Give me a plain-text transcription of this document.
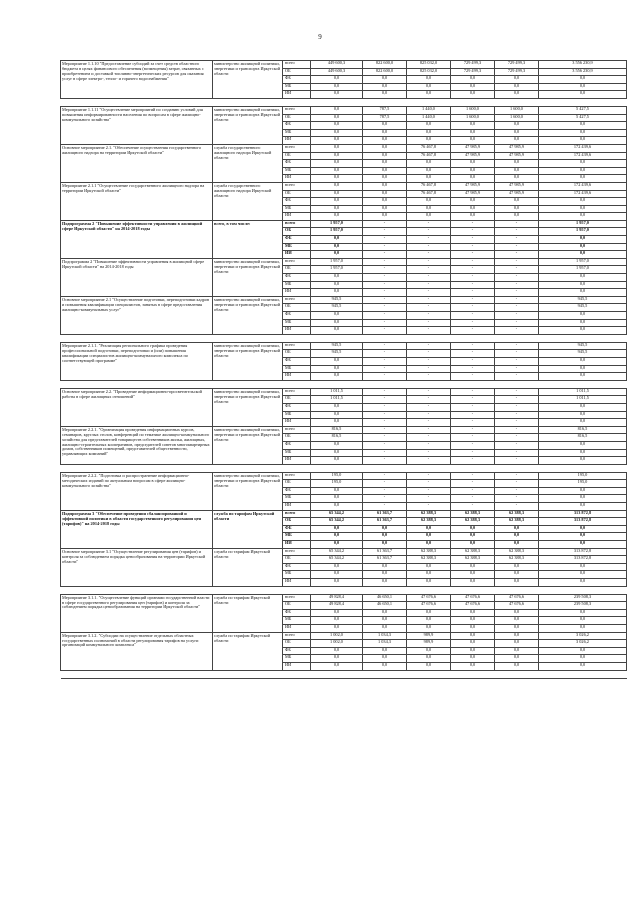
9
Мероприятие 1.1.10 "Предоставление субсидий за счет средств областного бюджета в целях финансового обеспечения (возмещения) затрат, связанных с приобретением и доставкой топливно-энергетических ресурсов для оказания услуг в сфере электро-, тепло- и горячего водоснабжения"	министерство жилищной политики, энергетики и транспорта Иркутской области	всего	449 600,3	822 600,0	825 032,0	729 499,3	729 499,3	3 556 230,9
		ОБ	449 600,3	822 600,0	825 032,0	729 499,3	729 499,3	3 556 230,9
		ФБ	0,0	0,0	0,0	0,0	0,0	0,0
		МБ	0,0	0,0	0,0	0,0	0,0	0,0
		ИИ	0,0	0,0	0,0	0,0	0,0	0,0

Мероприятие 1.1.11 "Осуществление мероприятий по созданию условий для повышения информированности населения по вопросам в сфере жилищно-коммунального хозяйства"	министерство жилищной политики, энергетики и транспорта Иркутской области	всего	0,0	787,5	1 440,0	1 600,0	1 600,0	5 427,5
		ОБ	0,0	787,5	1 440,0	1 600,0	1 600,0	5 427,5
		ФБ	0,0	0,0	0,0	0,0	0,0	0,0
		МБ	0,0	0,0	0,0	0,0	0,0	0,0
		ИИ	0,0	0,0	0,0	0,0	0,0	0,0
Основное мероприятие 2.1. "Обеспечение осуществления государственного жилищного надзора на территории Иркутской области"	служба государственного жилищного надзора Иркутской области	всего	0,0	0,0	76 467,8	47 985,9	47 985,9	172 439,6
		ОБ	0,0	0,0	76 467,8	47 985,9	47 985,9	172 439,6
		ФБ	0,0	0,0	0,0	0,0	0,0	0,0
		МБ	0,0	0,0	0,0	0,0	0,0	0,0
		ИИ	0,0	0,0	0,0	0,0	0,0	0,0
Мероприятие 2.1.1 "Осуществление государственного жилищного надзора на территории Иркутской области"	служба государственного жилищного надзора Иркутской области	всего	0,0	0,0	76 467,8	47 985,9	47 985,9	172 439,6
		ОБ	0,0	0,0	76 467,8	47 985,9	47 985,9	172 439,6
		ФБ	0,0	0,0	0,0	0,0	0,0	0,0
		МБ	0,0	0,0	0,0	0,0	0,0	0,0
		ИИ	0,0	0,0	0,0	0,0	0,0	0,0
Подпрограмма 2 "Повышение эффективности управления в жилищной сфере Иркутской области" на 2014-2018 годы	всего, в том числе:	всего	1 957,0	-	-	-	-	1 957,0
		ОБ	1 957,0	-	-	-	-	1 957,0
		ФБ	0,0	-	-	-	-	0,0
		МБ	0,0	-	-	-	-	0,0
		ИИ	0,0	-	-	-	-	0,0
Подпрограмма 2 "Повышение эффективности управления в жилищной сфере Иркутской области" на 2014-2018 годы	министерство жилищной политики, энергетики и транспорта Иркутской области	всего	1 957,0	-	-	-	-	1 957,0
		ОБ	1 957,0	-	-	-	-	1 957,0
		ФБ	0,0	-	-	-	-	0,0
		МБ	0,0	-	-	-	-	0,0
		ИИ	0,0	-	-	-	-	0,0
Основное мероприятие 2.1 "Осуществление подготовки, переподготовки кадров и повышения квалификации специалистов, занятых в сфере предоставления жилищно-коммунальных услуг"	министерство жилищной политики, энергетики и транспорта Иркутской области	всего	945,5	-	-	-	-	945,5
		ОБ	945,5	-	-	-	-	945,5
		ФБ	0,0	-	-	-	-	0,0
		МБ	0,0	-	-	-	-	0,0
		ИИ	0,0	-	-	-	-	0,0

Мероприятие 2.1.1. "Реализация регионального графика проведения профессиональной подготовки, переподготовки и (или) повышения квалификации специалистов жилищно-коммунального комплекса по соответствующей программе"	министерство жилищной политики, энергетики и транспорта Иркутской области	всего	945,5	-	-	-	-	945,5
		ОБ	945,5	-	-	-	-	945,5
		ФБ	0,0	-	-	-	-	0,0
		МБ	0,0	-	-	-	-	0,0
		ИИ	0,0	-	-	-	-	0,0

Основное мероприятие 2.2. "Проведение информационно-просветительской работы в сфере жилищных отношений"	министерство жилищной политики, энергетики и транспорта Иркутской области	всего	1 011,5	-	-	-	-	1 011,5
		ОБ	1 011,5	-	-	-	-	1 011,5
		ФБ	0,0	-	-	-	-	0,0
		МБ	0,0	-	-	-	-	0,0
		ИИ	0,0	-	-	-	-	0,0
Мероприятие 2.2.1. "Организация проведения информационных курсов, семинаров, круглых столов, конференций по тематике жилищно-коммунального хозяйства для представителей товариществ собственников жилья, жилищных, жилищно-строительных кооперативов, председателей советов многоквартирных домов, собственников помещений, представителей общественности, управляющих компаний"	министерство жилищной политики, энергетики и транспорта Иркутской области	всего	816,5	-	-	-	-	816,5
		ОБ	816,5	-	-	-	-	816,5
		ФБ	0,0	-	-	-	-	0,0
		МБ	0,0	-	-	-	-	0,0
		ИИ	0,0	-	-	-	-	0,0

Мероприятие 2.2.2. "Подготовка и распространение информационно-методических изданий по актуальным вопросам в сфере жилищно-коммунального хозяйства"	министерство жилищной политики, энергетики и транспорта Иркутской области	всего	195,0	-	-	-	-	195,0
		ОБ	195,0	-	-	-	-	195,0
		ФБ	0,0	-	-	-	-	0,0
		МБ	0,0	-	-	-	-	0,0
		ИИ	0,0	-	-	-	-	0,0
Подпрограмма 3 "Обеспечение проведения сбалансированной и эффективной политики в области государственного регулирования цен (тарифов)" на 2014-2018 годы	служба по тарифам Иркутской области	всего	65 344,2	61 363,7	62 388,3	62 388,3	62 388,3	313 872,8
		ОБ	65 344,2	61 363,7	62 388,3	62 388,3	62 388,3	313 872,8
		ФБ	0,0	0,0	0,0	0,0	0,0	0,0
		МБ	0,0	0,0	0,0	0,0	0,0	0,0
		ИИ	0,0	0,0	0,0	0,0	0,0	0,0
Основное мероприятие 3.1 "Осуществление регулирования цен (тарифов) и контроля за соблюдением порядка ценообразования на территории Иркутской области"	служба по тарифам Иркутской области	всего	65 344,2	61 363,7	62 388,3	62 388,3	62 388,3	313 872,8
		ОБ	65 344,2	61 363,7	62 388,3	62 388,3	62 388,3	313 872,8
		ФБ	0,0	0,0	0,0	0,0	0,0	0,0
		МБ	0,0	0,0	0,0	0,0	0,0	0,0
		ИИ	0,0	0,0	0,0	0,0	0,0	0,0

Мероприятие 3.1.1. "Осуществление функций органами государственной власти в сфере государственного регулирования цен (тарифов) и контроля за соблюдением порядка ценообразования на территории Иркутской области"	служба по тарифам Иркутской области	всего	49 828,4	46 650,1	47 676,6	47 676,6	47 676,6	239 508,3
		ОБ	49 828,4	46 650,1	47 676,6	47 676,6	47 676,6	239 508,3
		ФБ	0,0	0,0	0,0	0,0	0,0	0,0
		МБ	0,0	0,0	0,0	0,0	0,0	0,0
		ИИ	0,0	0,0	0,0	0,0	0,0	0,0
Мероприятие 3.1.2. "Субсидии на осуществление отдельных областных государственных полномочий в области регулирования тарифов на услуги организаций коммунального комплекса"	служба по тарифам Иркутской области	всего	1 002,0	1 034,3	989,9	0,0	0,0	3 026,2
		ОБ	1 002,0	1 034,3	989,9	0,0	0,0	3 026,2
		ФБ	0,0	0,0	0,0	0,0	0,0	0,0
		МБ	0,0	0,0	0,0	0,0	0,0	0,0
		ИИ	0,0	0,0	0,0	0,0	0,0	0,0
